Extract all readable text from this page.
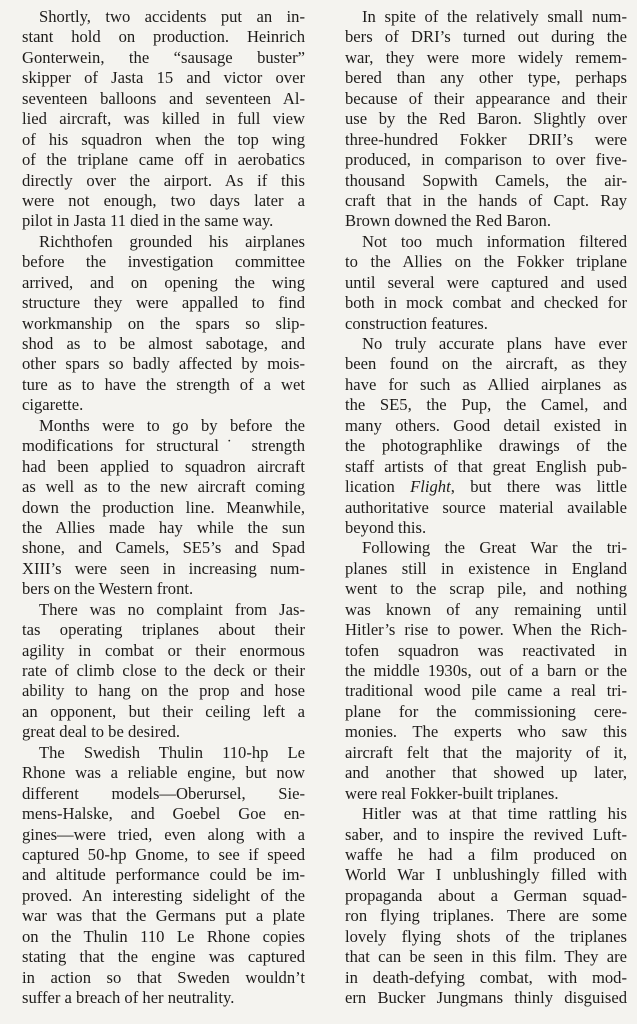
Shortly, two accidents put an in-
stant hold on production. Heinrich
Gonterwein, the “sausage buster”
skipper of Jasta 15 and victor over
seventeen balloons and seventeen Al-
lied aircraft, was killed in full view
of his squadron when the top wing
of the triplane came off in aerobatics
directly over the airport. As if this
were not enough, two days later a
pilot in Jasta 11 died in the same way.
Richthofen grounded his airplanes
before the investigation committee
arrived, and on opening the wing
structure they were appalled to find
workmanship on the spars so slip-
shod as to be almost sabotage, and
other spars so badly affected by mois-
ture as to have the strength of a wet
cigarette.
Months were to go by before the
modifications for structural˙ strength
had been applied to squadron aircraft
as well as to the new aircraft coming
down the production line. Meanwhile,
the Allies made hay while the sun
shone, and Camels, SE5’s and Spad
XIII’s were seen in increasing num-
bers on the Western front.
There was no complaint from Jas-
tas operating triplanes about their
agility in combat or their enormous
rate of climb close to the deck or their
ability to hang on the prop and hose
an opponent, but their ceiling left a
great deal to be desired.
The Swedish Thulin 110-hp Le
Rhone was a reliable engine, but now
different models—Oberursel, Sie-
mens-Halske, and Goebel Goe en-
gines—were tried, even along with a
captured 50-hp Gnome, to see if speed
and altitude performance could be im-
proved. An interesting sidelight of the
war was that the Germans put a plate
on the Thulin 110 Le Rhone copies
stating that the engine was captured
in action so that Sweden wouldn’t
suffer a breach of her neutrality.
In spite of the relatively small num-
bers of DRI’s turned out during the
war, they were more widely remem-
bered than any other type, perhaps
because of their appearance and their
use by the Red Baron. Slightly over
three-hundred Fokker DRII’s were
produced, in comparison to over five-
thousand Sopwith Camels, the air-
craft that in the hands of Capt. Ray
Brown downed the Red Baron.
Not too much information filtered
to the Allies on the Fokker triplane
until several were captured and used
both in mock combat and checked for
construction features.
No truly accurate plans have ever
been found on the aircraft, as they
have for such as Allied airplanes as
the SE5, the Pup, the Camel, and
many others. Good detail existed in
the photographlike drawings of the
staff artists of that great English pub-
lication Flight, but there was little
authoritative source material available
beyond this.
Following the Great War the tri-
planes still in existence in England
went to the scrap pile, and nothing
was known of any remaining until
Hitler’s rise to power. When the Rich-
tofen squadron was reactivated in
the middle 1930s, out of a barn or the
traditional wood pile came a real tri-
plane for the commissioning cere-
monies. The experts who saw this
aircraft felt that the majority of it,
and another that showed up later,
were real Fokker-built triplanes.
Hitler was at that time rattling his
saber, and to inspire the revived Luft-
waffe he had a film produced on
World War I unblushingly filled with
propaganda about a German squad-
ron flying triplanes. There are some
lovely flying shots of the triplanes
that can be seen in this film. They are
in death-defying combat, with mod-
ern Bucker Jungmans thinly disguised
